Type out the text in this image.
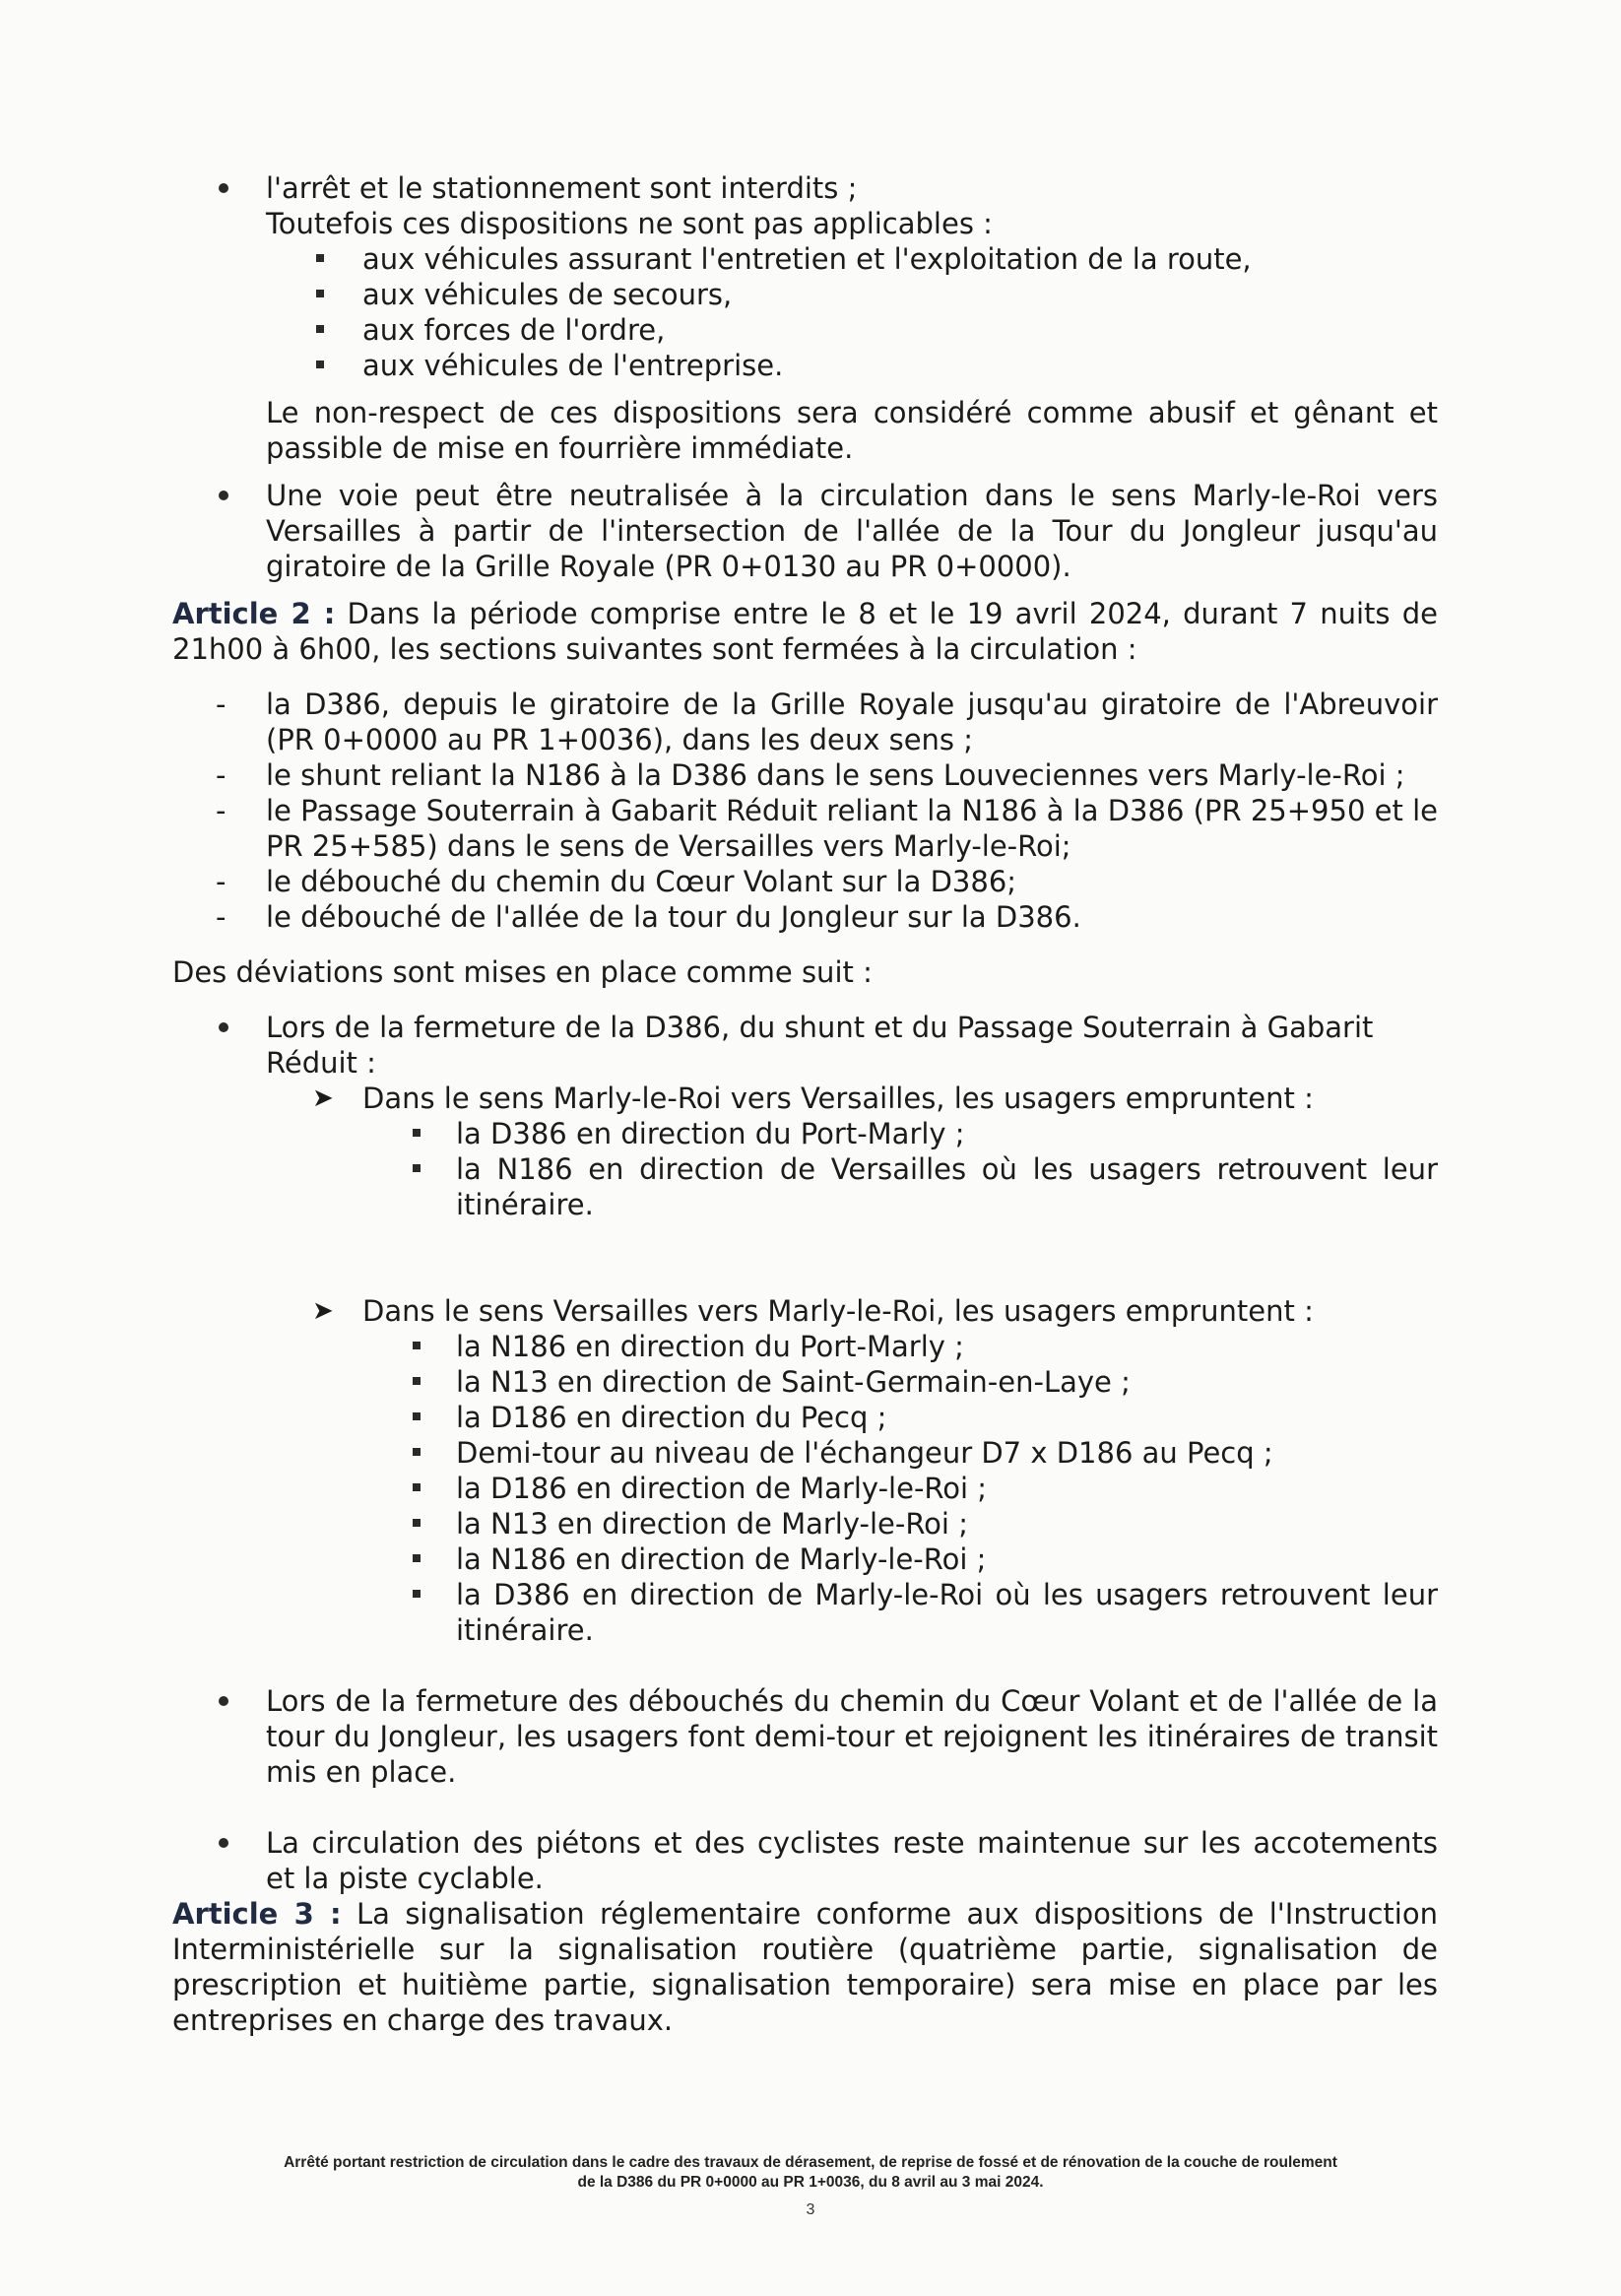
l'arrêt et le stationnement sont interdits ;
Toutefois ces dispositions ne sont pas applicables :
aux véhicules assurant l'entretien et l'exploitation de la route,
aux véhicules de secours,
aux forces de l'ordre,
aux véhicules de l'entreprise.
Le non-respect de ces dispositions sera considéré comme abusif et gênant et passible de mise en fourrière immédiate.
Une voie peut être neutralisée à la circulation dans le sens Marly-le-Roi vers Versailles à partir de l'intersection de l'allée de la Tour du Jongleur jusqu'au giratoire de la Grille Royale (PR 0+0130 au PR 0+0000).
Article 2 : Dans la période comprise entre le 8 et le 19 avril 2024, durant 7 nuits de 21h00 à 6h00, les sections suivantes sont fermées à la circulation :
- la D386, depuis le giratoire de la Grille Royale jusqu'au giratoire de l'Abreuvoir (PR 0+0000 au PR 1+0036), dans les deux sens ;
- le shunt reliant la N186 à la D386 dans le sens Louveciennes vers Marly-le-Roi ;
- le Passage Souterrain à Gabarit Réduit reliant la N186 à la D386 (PR 25+950 et le PR 25+585) dans le sens de Versailles vers Marly-le-Roi;
- le débouché du chemin du Cœur Volant sur la D386;
- le débouché de l'allée de la tour du Jongleur sur la D386.
Des déviations sont mises en place comme suit :
Lors de la fermeture de la D386, du shunt et du Passage Souterrain à Gabarit Réduit :
➤ Dans le sens Marly-le-Roi vers Versailles, les usagers empruntent :
la D386 en direction du Port-Marly ;
la N186 en direction de Versailles où les usagers retrouvent leur itinéraire.
➤ Dans le sens Versailles vers Marly-le-Roi, les usagers empruntent :
la N186 en direction du Port-Marly ;
la N13 en direction de Saint-Germain-en-Laye ;
la D186 en direction du Pecq ;
Demi-tour au niveau de l'échangeur D7 x D186 au Pecq ;
la D186 en direction de Marly-le-Roi ;
la N13 en direction de Marly-le-Roi ;
la N186 en direction de Marly-le-Roi ;
la D386 en direction de Marly-le-Roi où les usagers retrouvent leur itinéraire.
Lors de la fermeture des débouchés du chemin du Cœur Volant et de l'allée de la tour du Jongleur, les usagers font demi-tour et rejoignent les itinéraires de transit mis en place.
La circulation des piétons et des cyclistes reste maintenue sur les accotements et la piste cyclable.
Article 3 : La signalisation réglementaire conforme aux dispositions de l'Instruction Interministérielle sur la signalisation routière (quatrième partie, signalisation de prescription et huitième partie, signalisation temporaire) sera mise en place par les entreprises en charge des travaux.
Arrêté portant restriction de circulation dans le cadre des travaux de dérasement, de reprise de fossé et de rénovation de la couche de roulement
de la D386 du PR 0+0000 au PR 1+0036, du 8 avril au 3 mai 2024.
3
